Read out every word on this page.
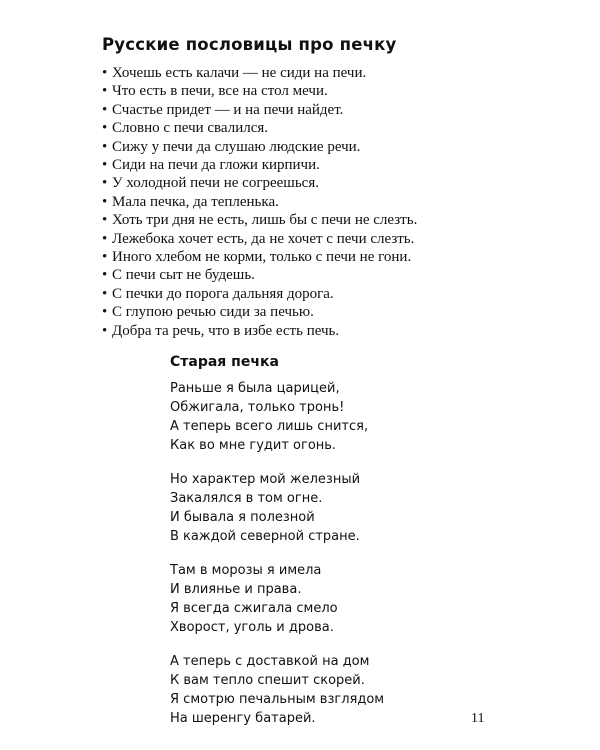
Русские пословицы про печку
• Хочешь есть калачи — не сиди на печи.
• Что есть в печи, все на стол мечи.
• Счастье придет — и на печи найдет.
• Словно с печи свалился.
• Сижу у печи да слушаю людские речи.
• Сиди на печи да гложи кирпичи.
• У холодной печи не согреешься.
• Мала печка, да тепленька.
• Хоть три дня не есть, лишь бы с печи не слезть.
• Лежебока хочет есть, да не хочет с печи слезть.
• Иного хлебом не корми, только с печи не гони.
• С печи сыт не будешь.
• С печки до порога дальняя дорога.
• С глупою речью сиди за печью.
• Добра та речь, что в избе есть печь.
Старая печка

Раньше я была царицей,
Обжигала, только тронь!
А теперь всего лишь снится,
Как во мне гудит огонь.

Но характер мой железный
Закалялся в том огне.
И бывала я полезной
В каждой северной стране.

Там в морозы я имела
И влиянье и права.
Я всегда сжигала смело
Хворост, уголь и дрова.

А теперь с доставкой на дом
К вам тепло спешит скорей.
Я смотрю печальным взглядом
На шеренгу батарей.	11
